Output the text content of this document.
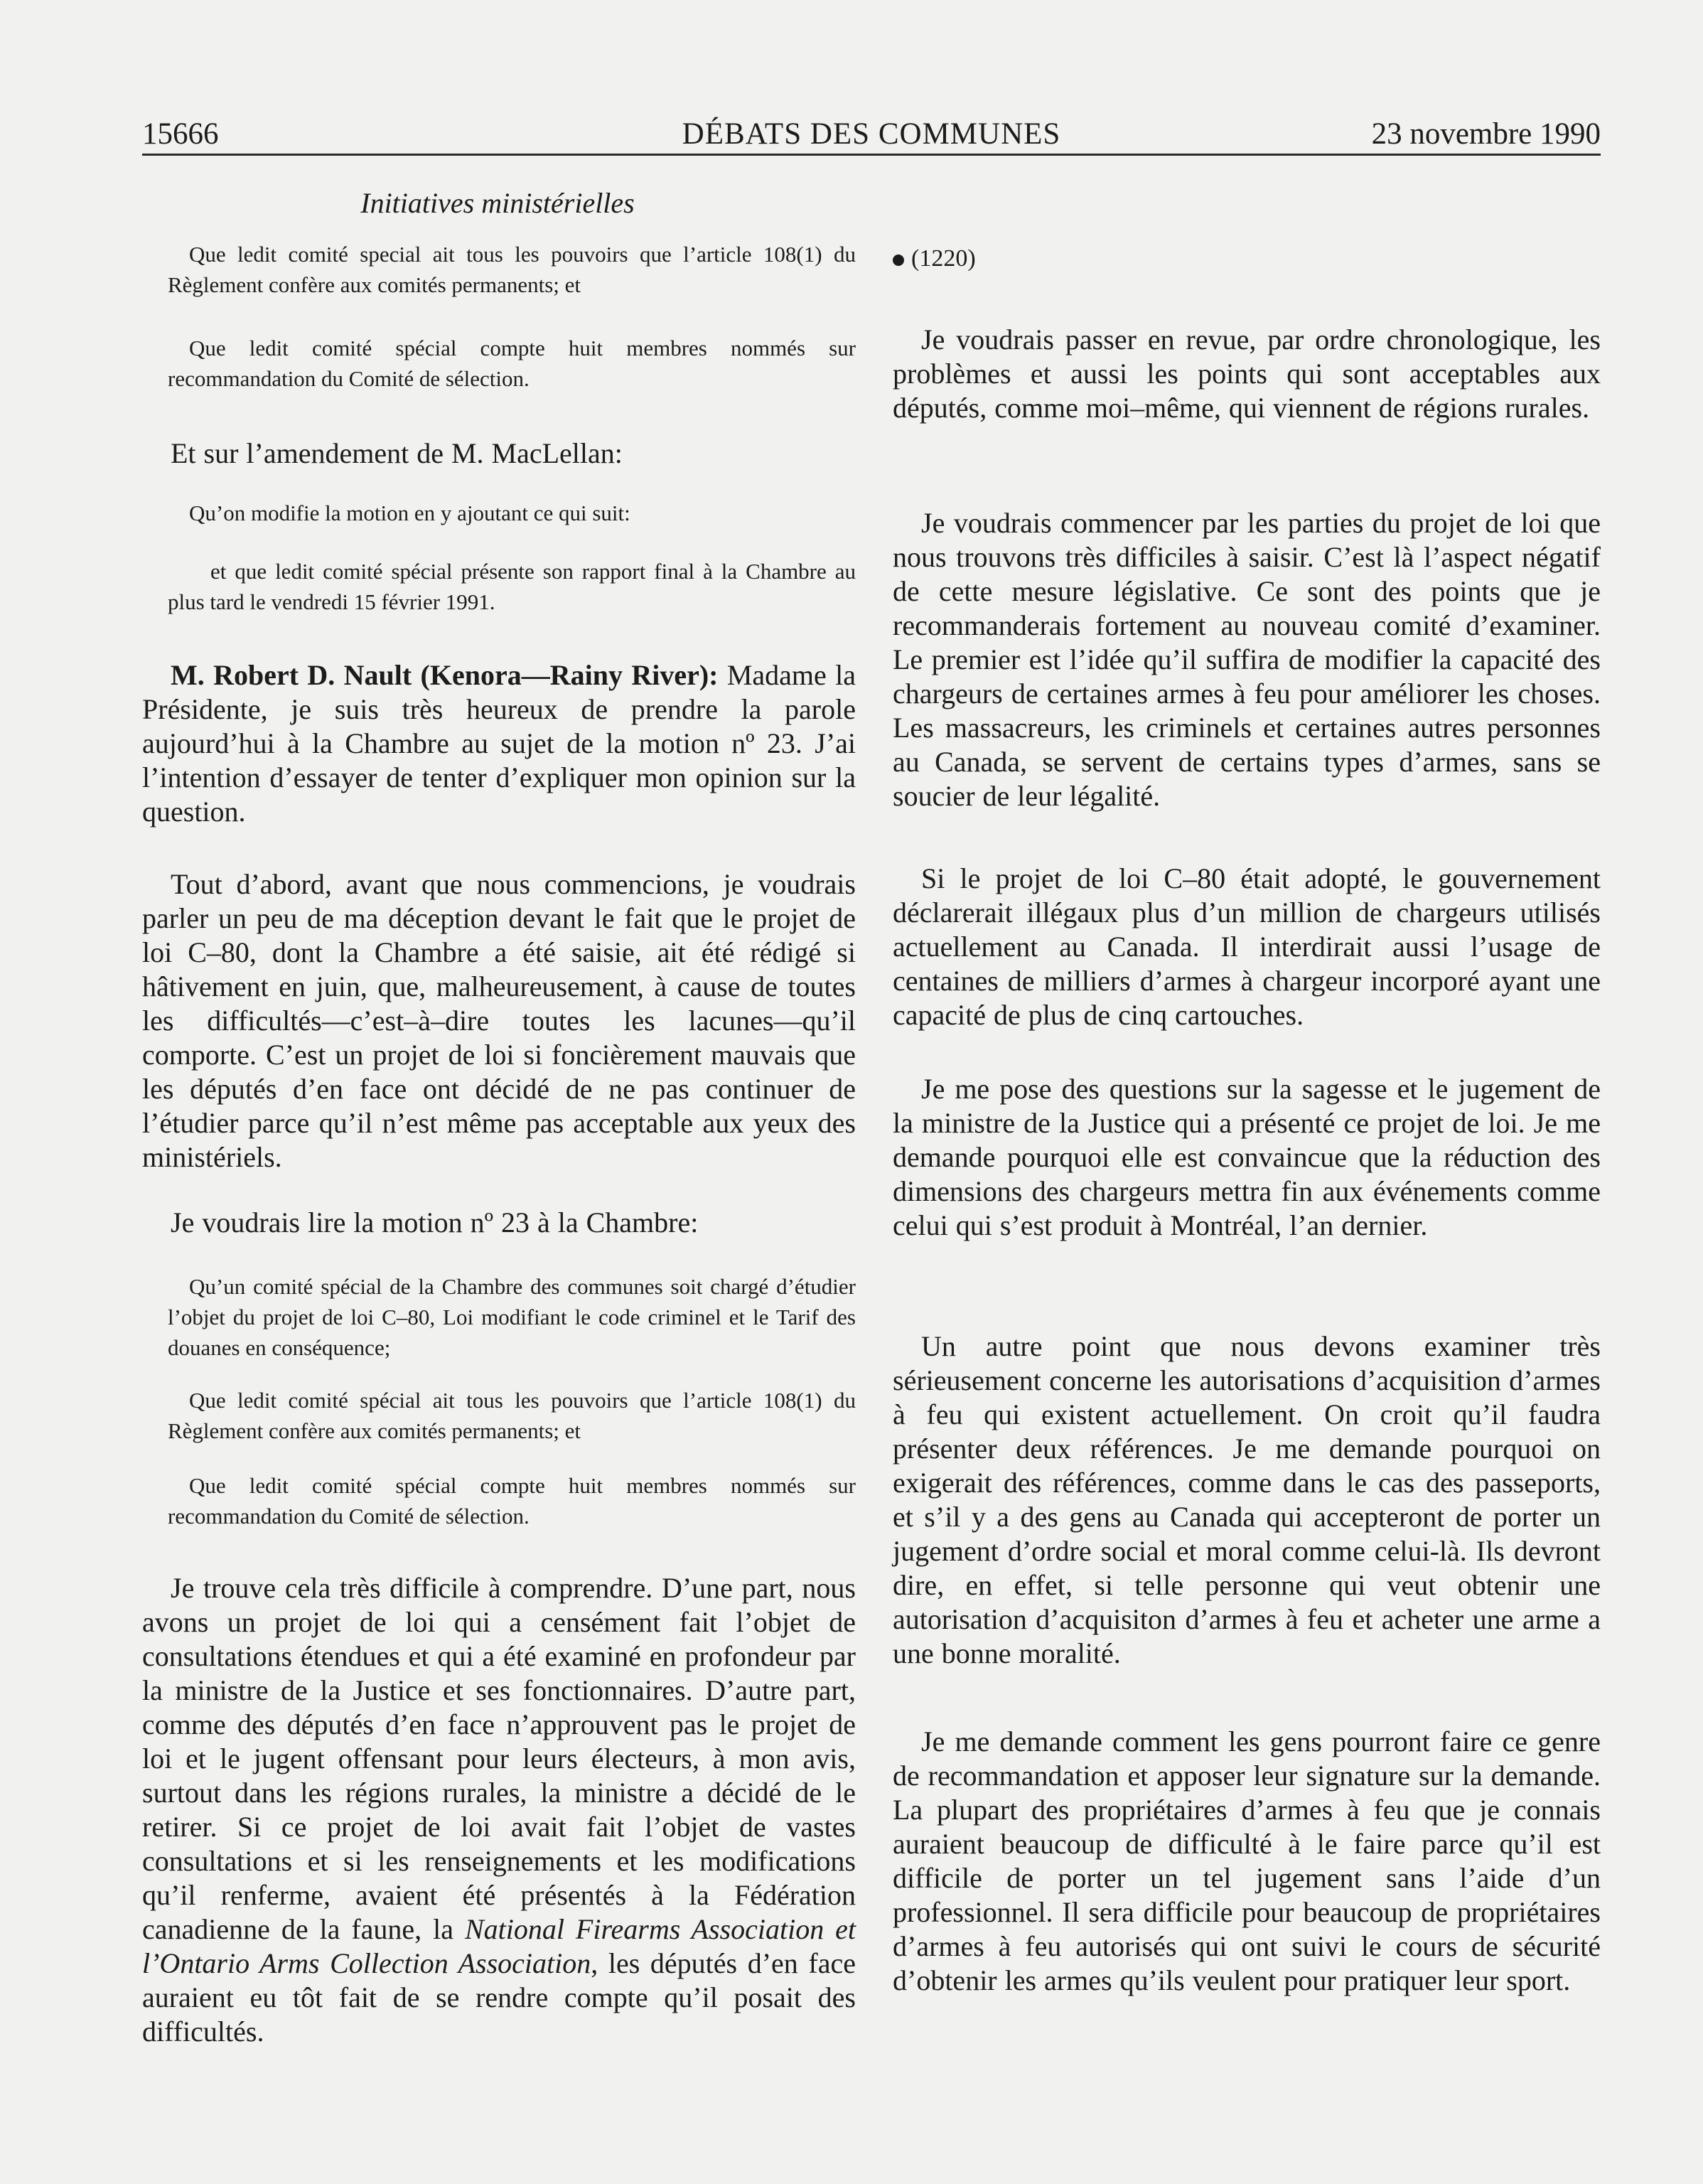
15666	DÉBATS DES COMMUNES	23 novembre 1990
Initiatives ministérielles

Que ledit comité special ait tous les pouvoirs que l’article 108(1) du Règlement confère aux comités permanents; et

Que ledit comité spécial compte huit membres nommés sur recommandation du Comité de sélection.

Et sur l’amendement de M. MacLellan:

Qu’on modifie la motion en y ajoutant ce qui suit:

et que ledit comité spécial présente son rapport final à la Chambre au plus tard le vendredi 15 février 1991.

M. Robert D. Nault (Kenora—Rainy River): Madame la Présidente, je suis très heureux de prendre la parole aujourd’hui à la Chambre au sujet de la motion nº 23. J’ai l’intention d’essayer de tenter d’expliquer mon opinion sur la question.

Tout d’abord, avant que nous commencions, je voudrais parler un peu de ma déception devant le fait que le projet de loi C–80, dont la Chambre a été saisie, ait été rédigé si hâtivement en juin, que, malheureusement, à cause de toutes les difficultés—c’est–à–dire toutes les lacunes—qu’il comporte. C’est un projet de loi si foncièrement mauvais que les députés d’en face ont décidé de ne pas continuer de l’étudier parce qu’il n’est même pas acceptable aux yeux des ministériels.

Je voudrais lire la motion nº 23 à la Chambre:

Qu’un comité spécial de la Chambre des communes soit chargé d’étudier l’objet du projet de loi C–80, Loi modifiant le code criminel et le Tarif des douanes en conséquence;

Que ledit comité spécial ait tous les pouvoirs que l’article 108(1) du Règlement confère aux comités permanents; et

Que ledit comité spécial compte huit membres nommés sur recommandation du Comité de sélection.

Je trouve cela très difficile à comprendre. D’une part, nous avons un projet de loi qui a censément fait l’objet de consultations étendues et qui a été examiné en profondeur par la ministre de la Justice et ses fonctionnaires. D’autre part, comme des députés d’en face n’approuvent pas le projet de loi et le jugent offensant pour leurs électeurs, à mon avis, surtout dans les régions rurales, la ministre a décidé de le retirer. Si ce projet de loi avait fait l’objet de vastes consultations et si les renseignements et les modifications qu’il renferme, avaient été présentés à la Fédération canadienne de la faune, la National Firearms Association et l’Ontario Arms Collection Association, les députés d’en face auraient eu tôt fait de se rendre compte qu’il posait des difficultés.

(1220)

Je voudrais passer en revue, par ordre chronologique, les problèmes et aussi les points qui sont acceptables aux députés, comme moi–même, qui viennent de régions rurales.

Je voudrais commencer par les parties du projet de loi que nous trouvons très difficiles à saisir. C’est là l’aspect négatif de cette mesure législative. Ce sont des points que je recommanderais fortement au nouveau comité d’examiner. Le premier est l’idée qu’il suffira de modifier la capacité des chargeurs de certaines armes à feu pour améliorer les choses. Les massacreurs, les criminels et certaines autres personnes au Canada, se servent de certains types d’armes, sans se soucier de leur légalité.

Si le projet de loi C–80 était adopté, le gouvernement déclarerait illégaux plus d’un million de chargeurs utilisés actuellement au Canada. Il interdirait aussi l’usage de centaines de milliers d’armes à chargeur incorporé ayant une capacité de plus de cinq cartouches.

Je me pose des questions sur la sagesse et le jugement de la ministre de la Justice qui a présenté ce projet de loi. Je me demande pourquoi elle est convaincue que la réduction des dimensions des chargeurs mettra fin aux événements comme celui qui s’est produit à Montréal, l’an dernier.

Un autre point que nous devons examiner très sérieusement concerne les autorisations d’acquisition d’armes à feu qui existent actuellement. On croit qu’il faudra présenter deux références. Je me demande pourquoi on exigerait des références, comme dans le cas des passeports, et s’il y a des gens au Canada qui accepteront de porter un jugement d’ordre social et moral comme celui-là. Ils devront dire, en effet, si telle personne qui veut obtenir une autorisation d’acquisiton d’armes à feu et acheter une arme a une bonne moralité.

Je me demande comment les gens pourront faire ce genre de recommandation et apposer leur signature sur la demande. La plupart des propriétaires d’armes à feu que je connais auraient beaucoup de difficulté à le faire parce qu’il est difficile de porter un tel jugement sans l’aide d’un professionnel. Il sera difficile pour beaucoup de propriétaires d’armes à feu autorisés qui ont suivi le cours de sécurité d’obtenir les armes qu’ils veulent pour pratiquer leur sport.
